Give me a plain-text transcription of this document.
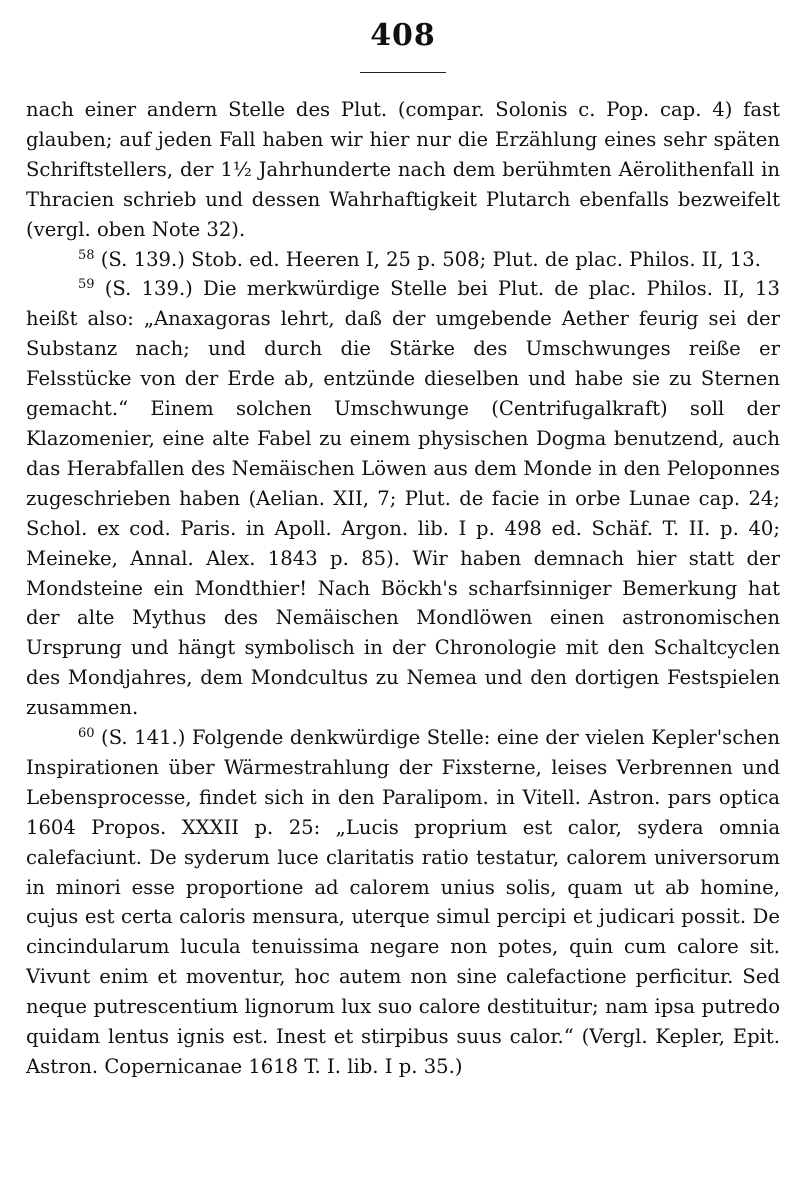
408

nach einer andern Stelle des Plut. (compar. Solonis c. Pop. cap. 4) fast glauben; auf jeden Fall haben wir hier nur die Erzählung eines sehr späten Schriftstellers, der 1½ Jahrhunderte nach dem berühmten Aërolithenfall in Thracien schrieb und dessen Wahrhaftigkeit Plutarch ebenfalls bezweifelt (vergl. oben Note 32).

$^{58}$ (S. 139.) Stob. ed. Heeren I, 25 p. 508; Plut. de plac. Philos. II, 13.

$^{59}$ (S. 139.) Die merkwürdige Stelle bei Plut. de plac. Philos. II, 13 heißt also: „Anaxagoras lehrt, daß der umgebende Aether feurig sei der Substanz nach; und durch die Stärke des Umschwunges reiße er Felsstücke von der Erde ab, entzünde dieselben und habe sie zu Sternen gemacht.“ Einem solchen Umschwunge (Centrifugalkraft) soll der Klazomenier, eine alte Fabel zu einem physischen Dogma benutzend, auch das Herabfallen des Nemäischen Löwen aus dem Monde in den Peloponnes zugeschrieben haben (Aelian. XII, 7; Plut. de facie in orbe Lunae cap. 24; Schol. ex cod. Paris. in Apoll. Argon. lib. I p. 498 ed. Schäf. T. II. p. 40; Meineke, Annal. Alex. 1843 p. 85). Wir haben demnach hier statt der Mondsteine ein Mondthier! Nach Böckh's scharfsinniger Bemerkung hat der alte Mythus des Nemäischen Mondlöwen einen astronomischen Ursprung und hängt symbolisch in der Chronologie mit den Schaltcyclen des Mondjahres, dem Mondcultus zu Nemea und den dortigen Festspielen zusammen.

$^{60}$ (S. 141.) Folgende denkwürdige Stelle: eine der vielen Kepler'schen Inspirationen über Wärmestrahlung der Fixsterne, leises Verbrennen und Lebensprocesse, findet sich in den Paralipom. in Vitell. Astron. pars optica 1604 Propos. XXXII p. 25: „Lucis proprium est calor, sydera omnia calefaciunt. De syderum luce claritatis ratio testatur, calorem universorum in minori esse proportione ad calorem unius solis, quam ut ab homine, cujus est certa caloris mensura, uterque simul percipi et judicari possit. De cincindularum lucula tenuissima negare non potes, quin cum calore sit. Vivunt enim et moventur, hoc autem non sine calefactione perficitur. Sed neque putrescentium lignorum lux suo calore destituitur; nam ipsa putredo quidam lentus ignis est. Inest et stirpibus suus calor.“ (Vergl. Kepler, Epit. Astron. Copernicanae 1618 T. I. lib. I p. 35.)
